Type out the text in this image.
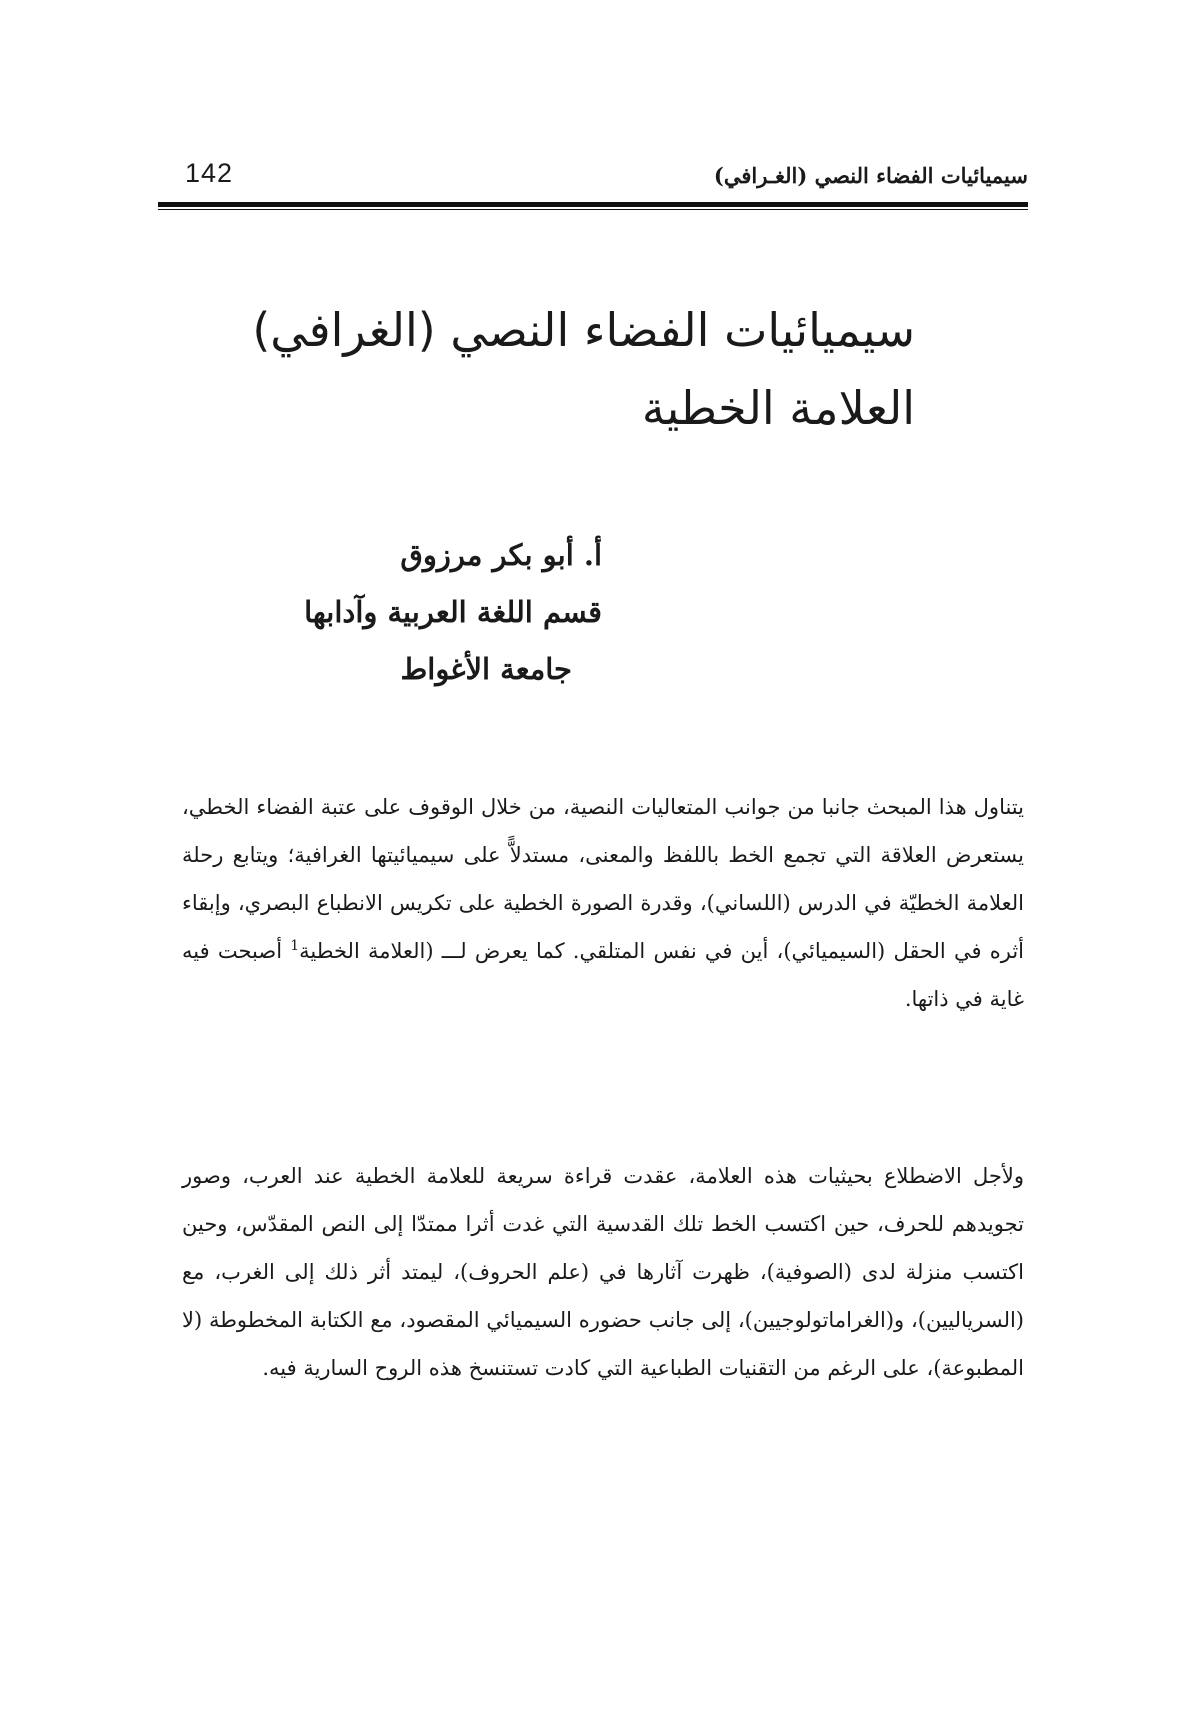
142	سيميائيات الفضاء النصي (الغـرافي)
سيميائيات الفضاء النصي (الغرافي) العلامة الخطية
أ. أبو بكر مرزوق
قسم اللغة العربية وآدابها
جامعة الأغواط

يتناول هذا المبحث جانبا من جوانب المتعاليات النصية، من خلال الوقوف على عتبة الفضاء الخطي، يستعرض العلاقة التي تجمع الخط باللفظ والمعنى، مستدلاًّ على سيميائيتها الغرافية؛ ويتابع رحلة العلامة الخطيّة في الدرس (اللساني)، وقدرة الصورة الخطية على تكريس الانطباع البصري، وإبقاء أثره في الحقل (السيميائي)، أين في نفس المتلقي. كما يعرض لـــ (العلامة الخطية$^1$ أصبحت فيه غاية في ذاتها.

ولأجل الاضطلاع بحيثيات هذه العلامة، عقدت قراءة سريعة للعلامة الخطية عند العرب، وصور تجويدهم للحرف، حين اكتسب الخط تلك القدسية التي غدت أثرا ممتدّا إلى النص المقدّس، وحين اكتسب منزلة لدى (الصوفية)، ظهرت آثارها في (علم الحروف)، ليمتد أثر ذلك إلى الغرب، مع (السرياليين)، و(الغراماتولوجيين)، إلى جانب حضوره السيميائي المقصود، مع الكتابة المخطوطة (لا المطبوعة)، على الرغم من التقنيات الطباعية التي كادت تستنسخ هذه الروح السارية فيه.
